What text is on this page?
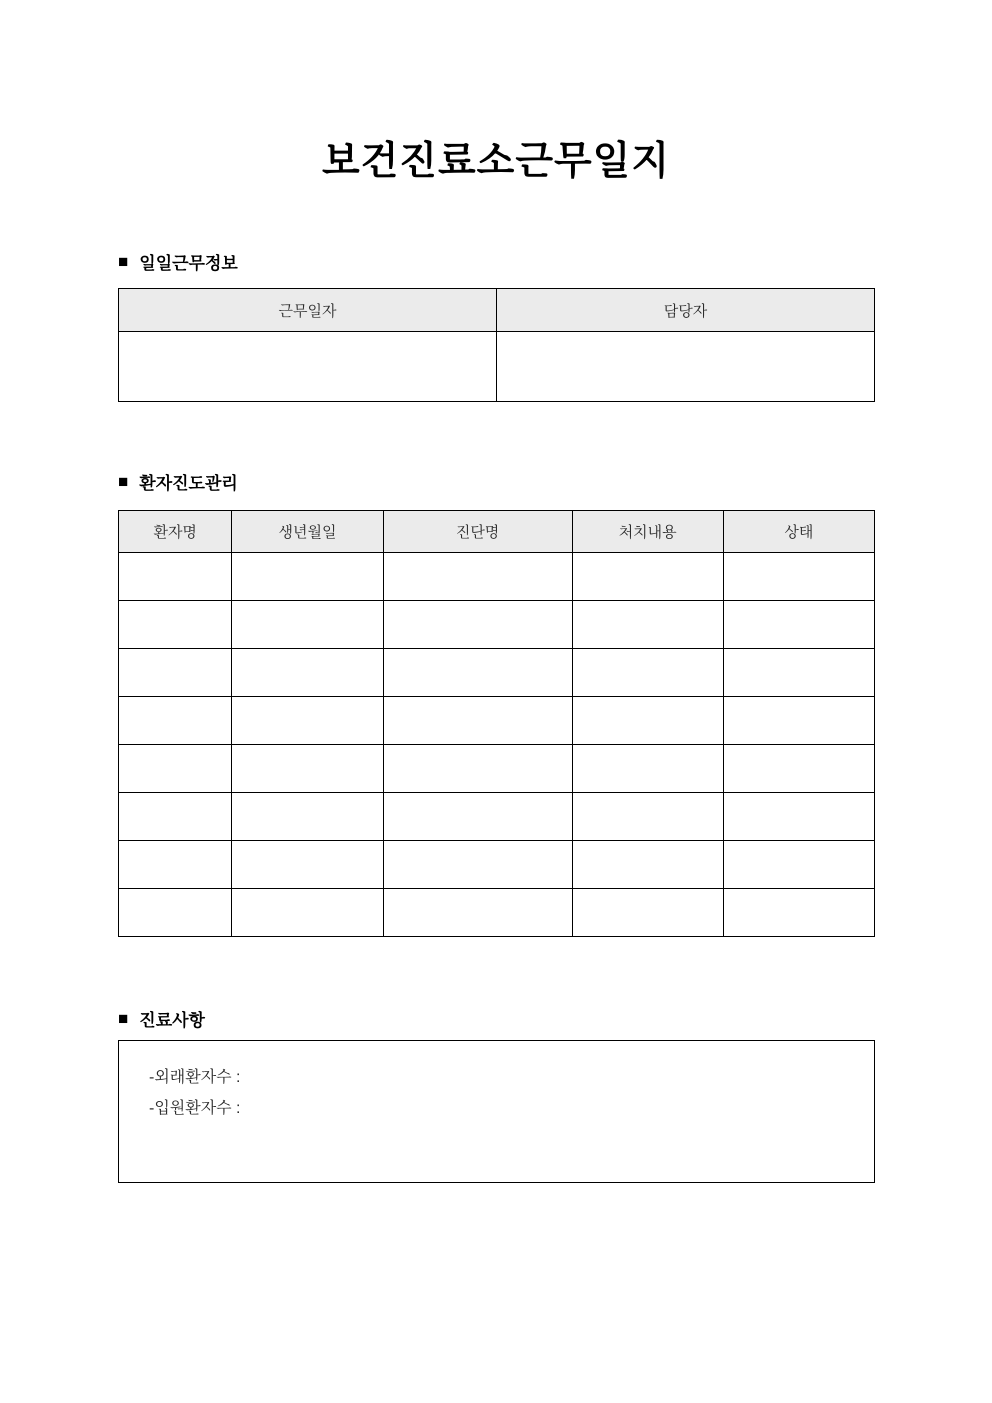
보건진료소근무일지
■ 일일근무정보
근무일자	담당자

■ 환자진도관리
환자명	생년월일	진단명	처치내용	상태

■ 진료사항
-외래환자수 :
-입원환자수 :
